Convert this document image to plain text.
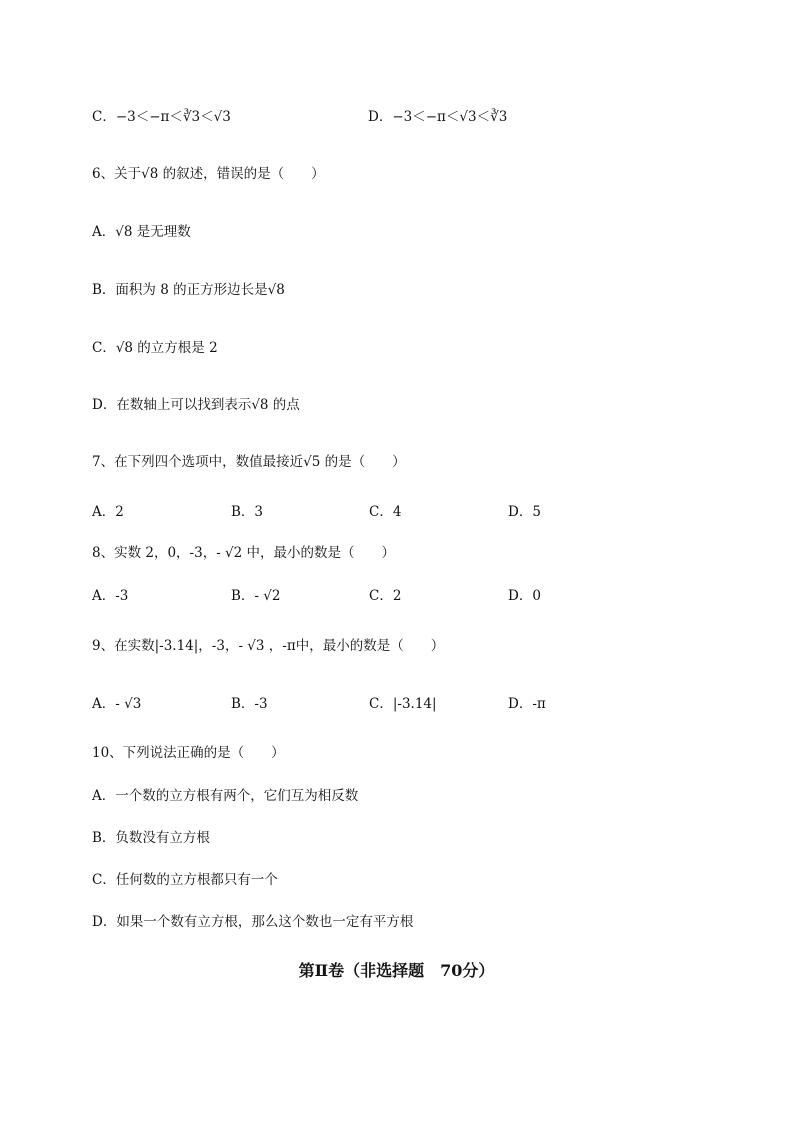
C．−3＜−π＜∛3＜√3	D．−3＜−π＜√3＜∛3
6、关于√8 的叙述，错误的是（　　）
A．√8 是无理数
B．面积为 8 的正方形边长是√8
C．√8 的立方根是 2
D．在数轴上可以找到表示√8 的点
7、在下列四个选项中，数值最接近√5 的是（　　）
A．2	B．3	C．4	D．5
8、实数 2，0，-3，- √2 中，最小的数是（　　）
A．-3	B．- √2	C．2	D．0
9、在实数|-3.14|，-3，- √3 ，-π中，最小的数是（　　）
A．- √3	B．-3	C．|-3.14|	D．-π
10、下列说法正确的是（　　）
A．一个数的立方根有两个，它们互为相反数
B．负数没有立方根
C．任何数的立方根都只有一个
D．如果一个数有立方根，那么这个数也一定有平方根
第Ⅱ卷（非选择题　70分）
